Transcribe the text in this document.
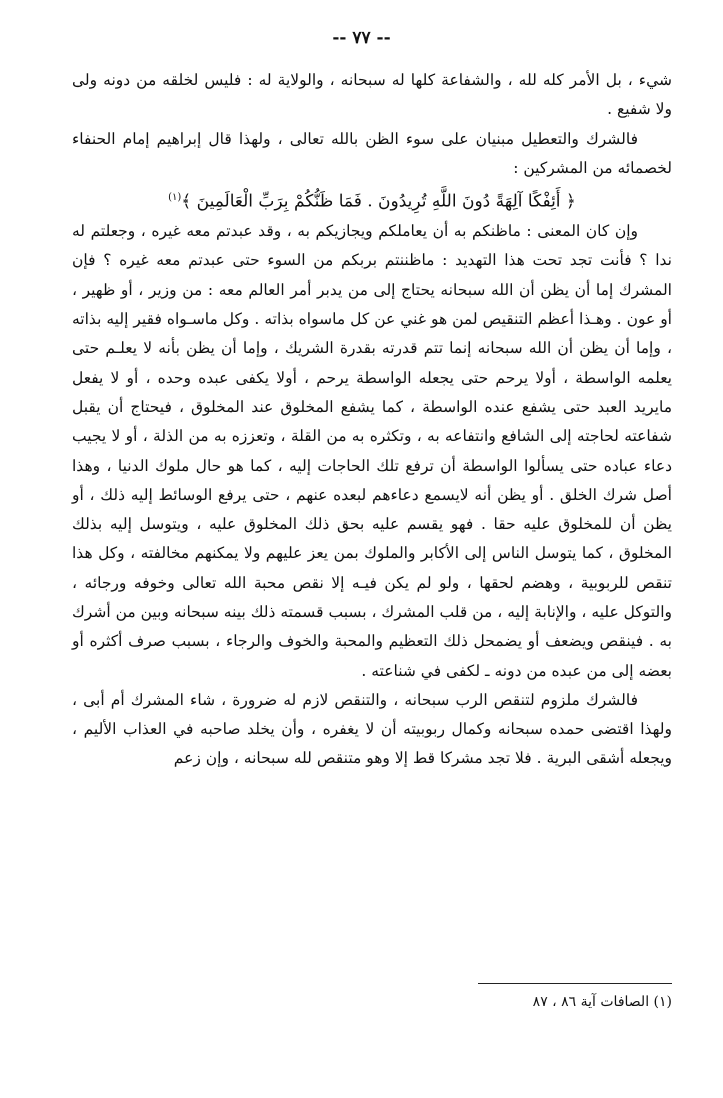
-- ٧٧ --

شيء ، بل الأمر كله لله ، والشفاعة كلها له سبحانه ، والولاية له : فليس لخلقه من دونه ولى ولا شفيع .

فالشرك والتعطيل مبنيان على سوء الظن بالله تعالى ، ولهذا قال إبراهيم إمام الحنفاء لخصمائه من المشركين :

﴿ أَئِفْكًا آلِهَةً دُونَ اللَّهِ تُرِيدُونَ . فَمَا ظَنُّكُمْ بِرَبِّ الْعَالَمِينَ ﴾$^{(١)}$

وإن كان المعنى : ماظنكم به أن يعاملكم ويجازيكم به ، وقد عبدتم معه غيره ، وجعلتم له ندا ؟ فأنت تجد تحت هذا التهديد : ماظننتم بربكم من السوء حتى عبدتم معه غيره ؟ فإن المشرك إما أن يظن أن الله سبحانه يحتاج إلى من يدبر أمر العالم معه : من وزير ، أو ظهير ، أو عون . وهـذا أعظم التنقيص لمن هو غني عن كل ماسواه بذاته . وكل ماسـواه فقير إليه بذاته ، وإما أن يظن أن الله سبحانه إنما تتم قدرته بقدرة الشريك ، وإما أن يظن بأنه لا يعلـم حتى يعلمه الواسطة ، أولا يرحم حتى يجعله الواسطة يرحم ، أولا يكفى عبده وحده ، أو لا يفعل مايريد العبد حتى يشفع عنده الواسطة ، كما يشفع المخلوق عند المخلوق ، فيحتاج أن يقبل شفاعته لحاجته إلى الشافع وانتفاعه به ، وتكثره به من القلة ، وتعززه به من الذلة ، أو لا يجيب دعاء عباده حتى يسألوا الواسطة أن ترفع تلك الحاجات إليه ، كما هو حال ملوك الدنيا ، وهذا أصل شرك الخلق . أو يظن أنه لايسمع دعاءهم لبعده عنهم ، حتى يرفع الوسائط إليه ذلك ، أو يظن أن للمخلوق عليه حقا . فهو يقسم عليه بحق ذلك المخلوق عليه ، ويتوسل إليه بذلك المخلوق ، كما يتوسل الناس إلى الأكابر والملوك بمن يعز عليهم ولا يمكنهم مخالفته ، وكل هذا تنقص للربوبية ، وهضم لحقها ، ولو لم يكن فيـه إلا نقص محبة الله تعالى وخوفه ورجائه ، والتوكل عليه ، والإنابة إليه ، من قلب المشرك ، بسبب قسمته ذلك بينه سبحانه وبين من أشرك به . فينقص ويضعف أو يضمحل ذلك التعظيم والمحبة والخوف والرجاء ، بسبب صرف أكثره أو بعضه إلى من عبده من دونه ـ لكفى في شناعته .

فالشرك ملزوم لتنقص الرب سبحانه ، والتنقص لازم له ضرورة ، شاء المشرك أم أبى ، ولهذا اقتضى حمده سبحانه وكمال ربوبيته أن لا يغفره ، وأن يخلد صاحبه في العذاب الأليم ، ويجعله أشقى البرية . فلا تجد مشركا قط إلا وهو متنقص لله سبحانه ، وإن زعم

(١) الصافات آية ٨٦ ، ٨٧
